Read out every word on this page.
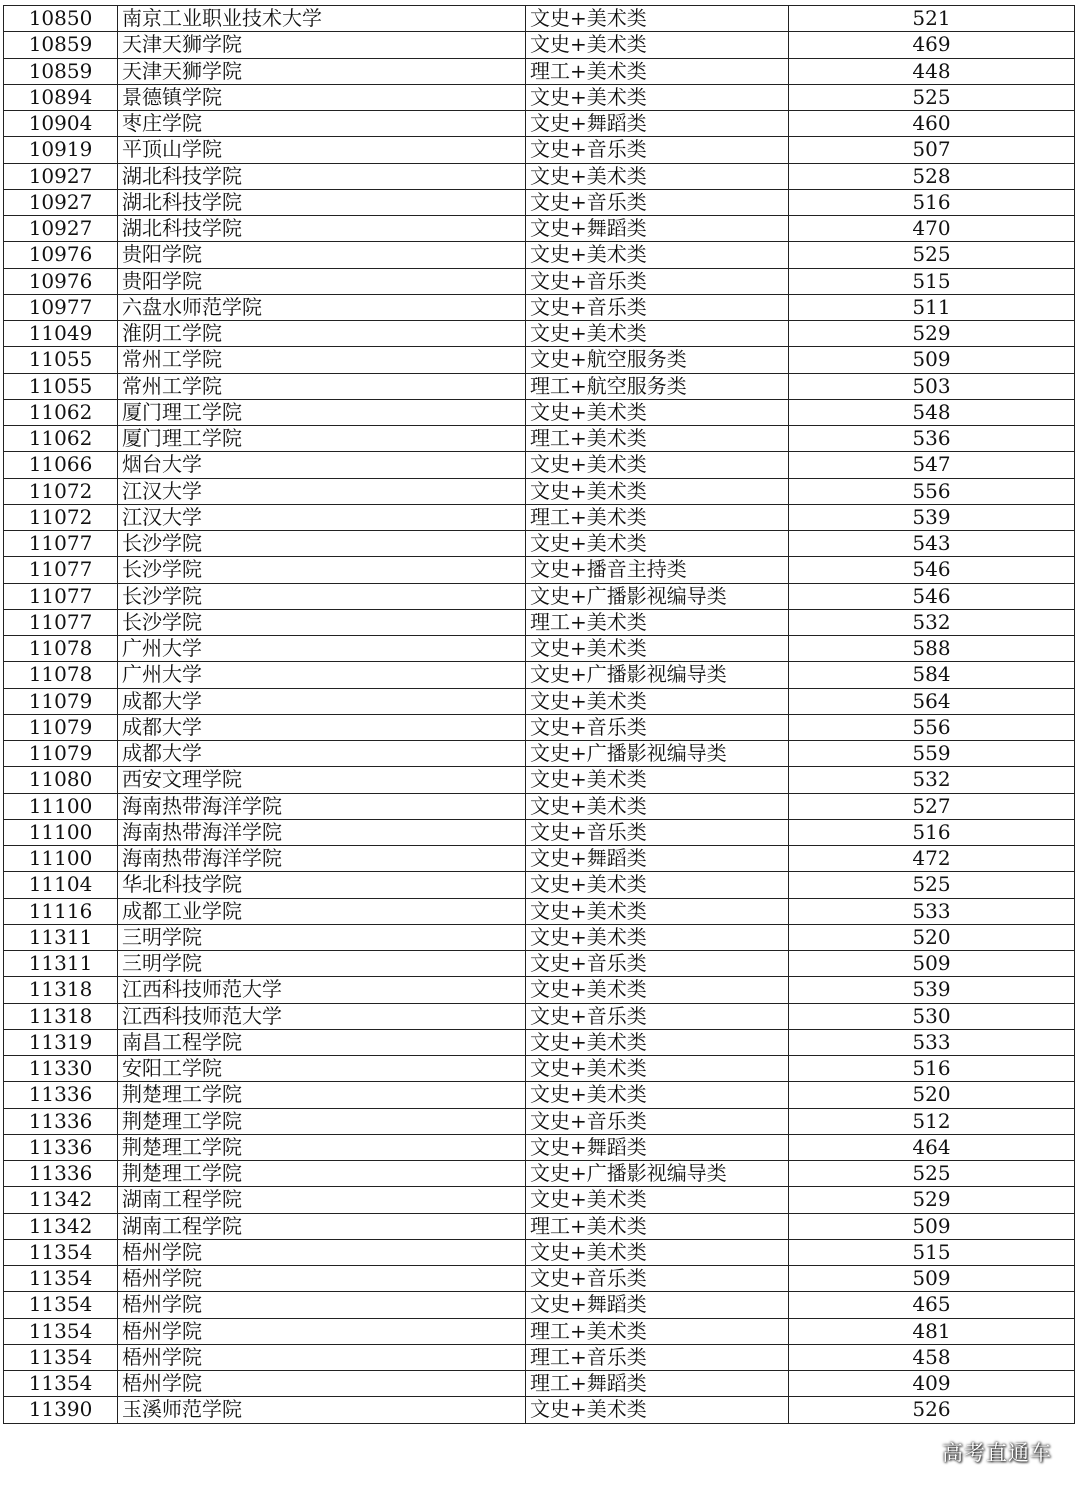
10850	南京工业职业技术大学	文史+美术类	521
10859	天津天狮学院	文史+美术类	469
10859	天津天狮学院	理工+美术类	448
10894	景德镇学院	文史+美术类	525
10904	枣庄学院	文史+舞蹈类	460
10919	平顶山学院	文史+音乐类	507
10927	湖北科技学院	文史+美术类	528
10927	湖北科技学院	文史+音乐类	516
10927	湖北科技学院	文史+舞蹈类	470
10976	贵阳学院	文史+美术类	525
10976	贵阳学院	文史+音乐类	515
10977	六盘水师范学院	文史+音乐类	511
11049	淮阴工学院	文史+美术类	529
11055	常州工学院	文史+航空服务类	509
11055	常州工学院	理工+航空服务类	503
11062	厦门理工学院	文史+美术类	548
11062	厦门理工学院	理工+美术类	536
11066	烟台大学	文史+美术类	547
11072	江汉大学	文史+美术类	556
11072	江汉大学	理工+美术类	539
11077	长沙学院	文史+美术类	543
11077	长沙学院	文史+播音主持类	546
11077	长沙学院	文史+广播影视编导类	546
11077	长沙学院	理工+美术类	532
11078	广州大学	文史+美术类	588
11078	广州大学	文史+广播影视编导类	584
11079	成都大学	文史+美术类	564
11079	成都大学	文史+音乐类	556
11079	成都大学	文史+广播影视编导类	559
11080	西安文理学院	文史+美术类	532
11100	海南热带海洋学院	文史+美术类	527
11100	海南热带海洋学院	文史+音乐类	516
11100	海南热带海洋学院	文史+舞蹈类	472
11104	华北科技学院	文史+美术类	525
11116	成都工业学院	文史+美术类	533
11311	三明学院	文史+美术类	520
11311	三明学院	文史+音乐类	509
11318	江西科技师范大学	文史+美术类	539
11318	江西科技师范大学	文史+音乐类	530
11319	南昌工程学院	文史+美术类	533
11330	安阳工学院	文史+美术类	516
11336	荆楚理工学院	文史+美术类	520
11336	荆楚理工学院	文史+音乐类	512
11336	荆楚理工学院	文史+舞蹈类	464
11336	荆楚理工学院	文史+广播影视编导类	525
11342	湖南工程学院	文史+美术类	529
11342	湖南工程学院	理工+美术类	509
11354	梧州学院	文史+美术类	515
11354	梧州学院	文史+音乐类	509
11354	梧州学院	文史+舞蹈类	465
11354	梧州学院	理工+美术类	481
11354	梧州学院	理工+音乐类	458
11354	梧州学院	理工+舞蹈类	409
11390	玉溪师范学院	文史+美术类	526
高考直通车
